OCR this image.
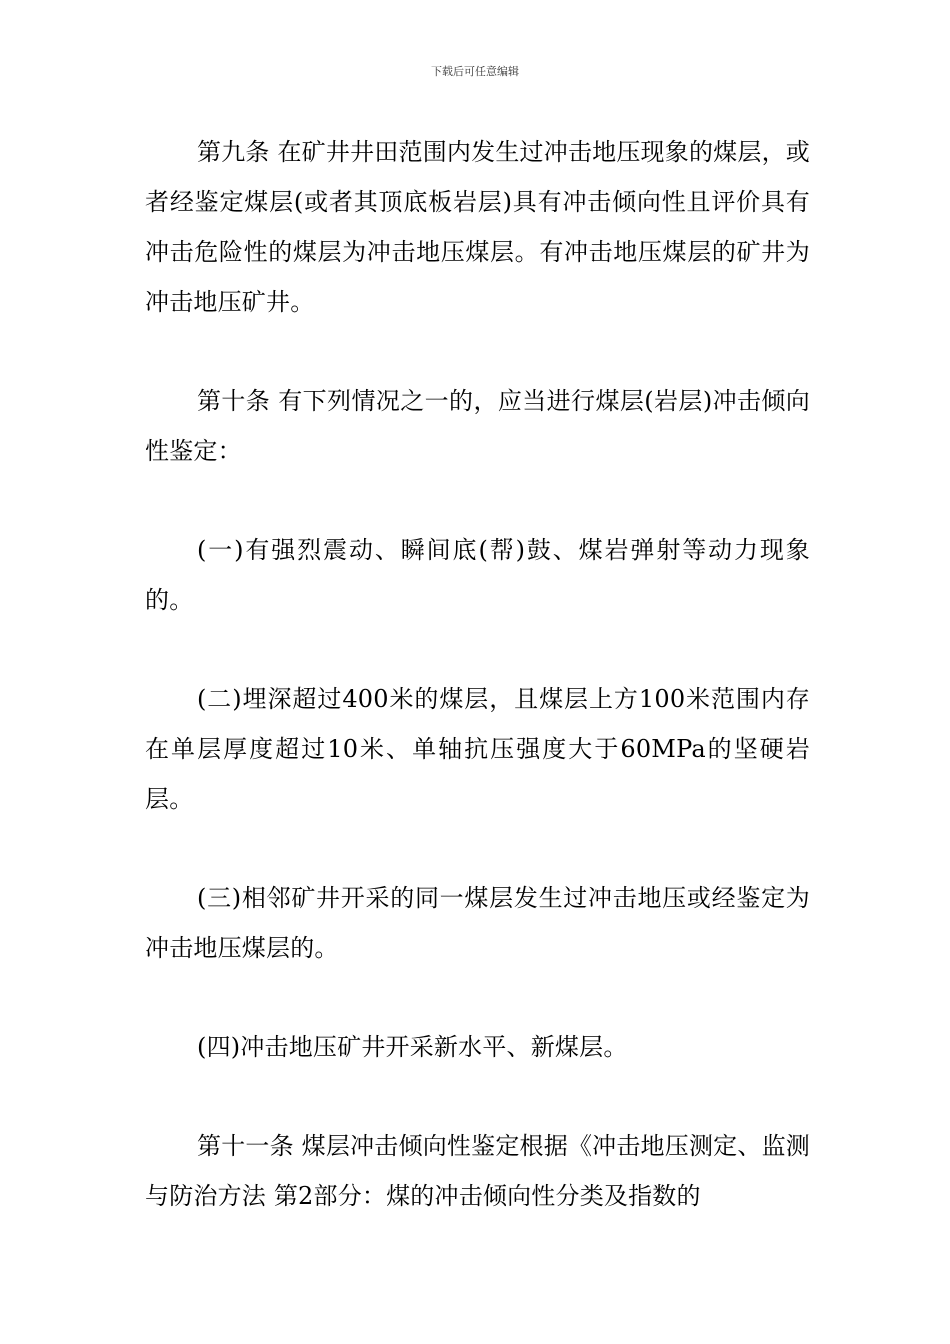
下载后可任意编辑

第九条 在矿井井田范围内发生过冲击地压现象的煤层，或者经鉴定煤层(或者其顶底板岩层)具有冲击倾向性且评价具有冲击危险性的煤层为冲击地压煤层。有冲击地压煤层的矿井为冲击地压矿井。

第十条 有下列情况之一的，应当进行煤层(岩层)冲击倾向性鉴定：

(一)有强烈震动、瞬间底(帮)鼓、煤岩弹射等动力现象的。

(二)埋深超过400米的煤层，且煤层上方100米范围内存在单层厚度超过10米、单轴抗压强度大于60MPa的坚硬岩层。

(三)相邻矿井开采的同一煤层发生过冲击地压或经鉴定为冲击地压煤层的。

(四)冲击地压矿井开采新水平、新煤层。

第十一条 煤层冲击倾向性鉴定根据《冲击地压测定、监测与防治方法 第2部分：煤的冲击倾向性分类及指数的
